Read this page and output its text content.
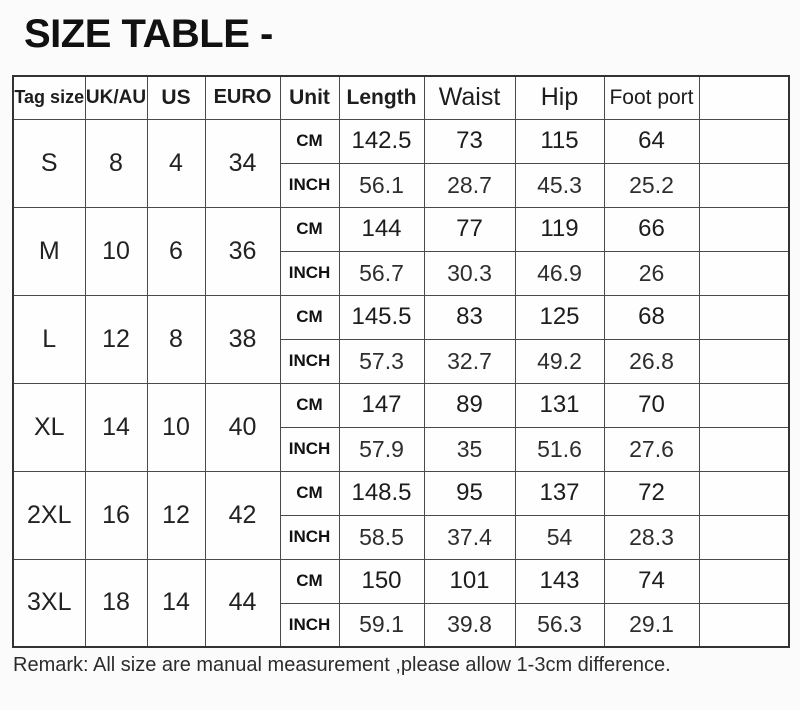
SIZE TABLE -
Tag size	UK/AU	US	EURO	Unit	Length	Waist	Hip	Foot port	
S	8	4	34	CM	142.5	73	115	64	
				INCH	56.1	28.7	45.3	25.2	
M	10	6	36	CM	144	77	119	66	
				INCH	56.7	30.3	46.9	26	
L	12	8	38	CM	145.5	83	125	68	
				INCH	57.3	32.7	49.2	26.8	
XL	14	10	40	CM	147	89	131	70	
				INCH	57.9	35	51.6	27.6	
2XL	16	12	42	CM	148.5	95	137	72	
				INCH	58.5	37.4	54	28.3	
3XL	18	14	44	CM	150	101	143	74	
				INCH	59.1	39.8	56.3	29.1	
Remark: All size are manual measurement ,please allow 1-3cm difference.
